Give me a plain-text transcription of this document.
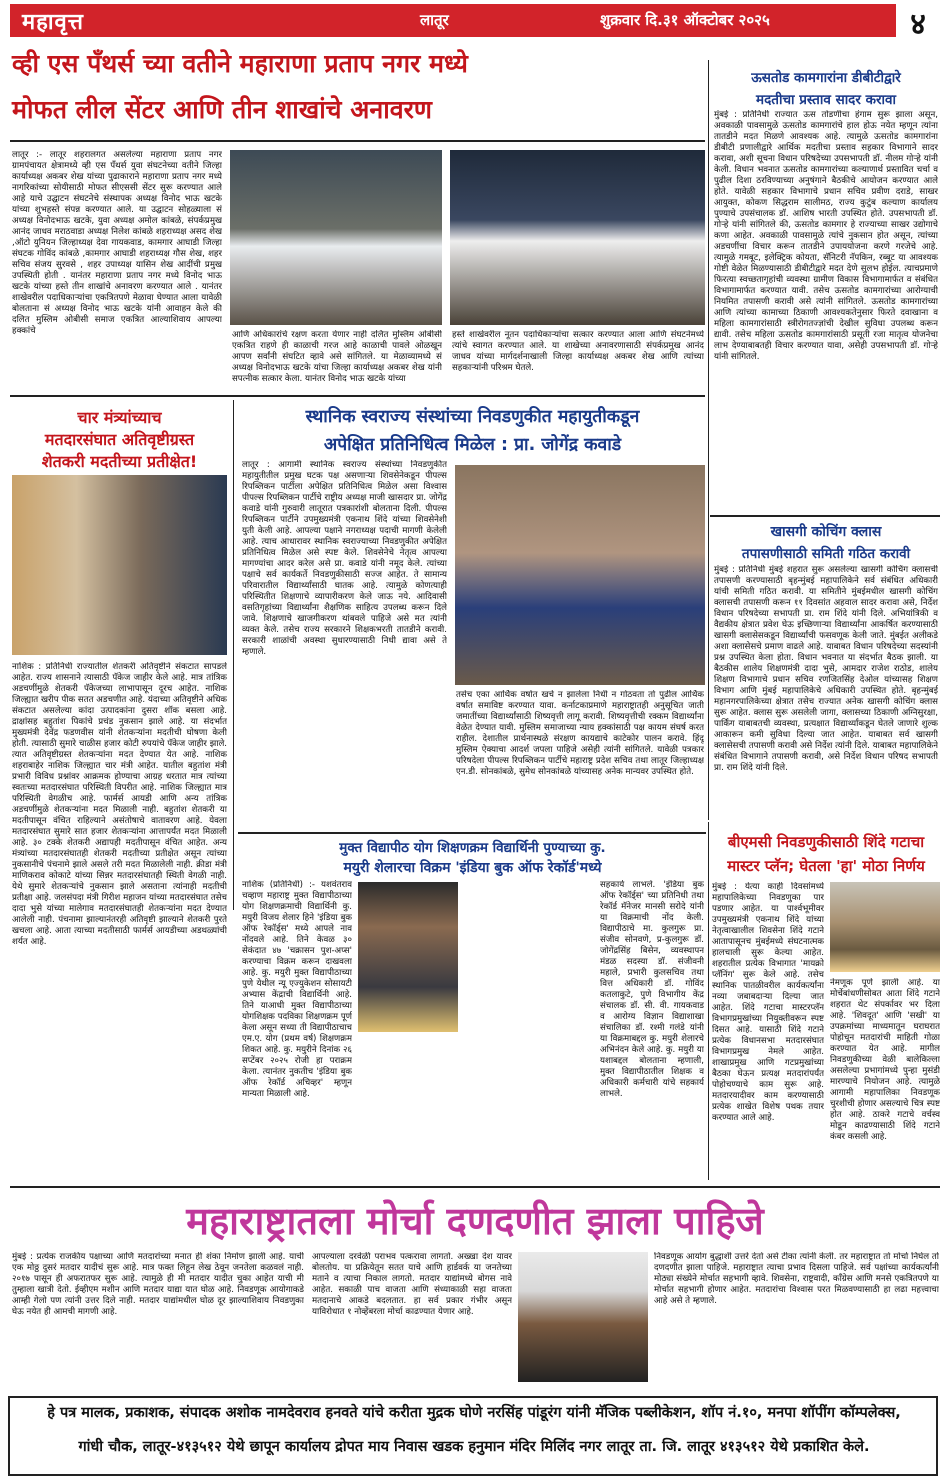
महावृत्त	लातूर	शुक्रवार दि.३१ ऑक्टोबर २०२५	४
व्ही एस पँथर्स च्या वतीने महाराणा प्रताप नगर मध्ये
मोफत लील सेंटर आणि तीन शाखांचे अनावरण
लातूर :- लातूर शहरालगत असलेल्या महाराणा प्रताप नगर ग्रामपंचायत क्षेत्रामध्ये व्ही एस पँथर्स युवा संघटनेच्या वतीने जिल्हा कार्याध्यक्ष अकबर शेख यांच्या पुढाकाराने महाराणा प्रताप नगर मध्ये नागरिकांच्या सोयीसाठी मोफत सीएससी सेंटर सुरू करण्यात आले आहे याचे उद्घाटन संघटनेचे संस्थापक अध्यक्ष विनोद भाऊ खटके यांच्या शुभहस्ते संपन्न करण्यात आले. या उद्घाटन सोहळ्याला सं अध्यक्ष विनोदभाऊ खटके, युवा अध्यक्ष अमोल कांबळे, संपर्कप्रमुख आनंद जाधव मराठवाडा अध्यक्ष निलेश कांबळे शहराध्यक्ष असद शेख ,ऑटो युनियन जिल्हाध्यक्ष देवा गायकवाड, कामगार आघाडी जिल्हा संघटक गोविंद कांबळे ,कामगार आघाडी शहराध्यक्ष गौस शेख, शहर सचिव संजय सुरवसे , शहर उपाध्यक्ष यासिन शेख आदींची प्रमुख उपस्थिती होती . यानंतर महाराणा प्रताप नगर मध्ये विनोद भाऊ खटके यांच्या हस्ते तीन शाखांचे अनावरण करण्यात आले . यानंतर शाखेवरील पदाधिकाऱ्यांचा एकत्रितपणे मेळावा घेण्यात आला यावेळी बोलताना सं अध्यक्ष विनोद भाऊ खटके यांनी आवाहन केले की दलित मुस्लिम ओबीसी समाज एकत्रित आल्याशिवाय आपल्या हक्कांचे	आणि अधिकारांचे रक्षण करता येणार नाही दलित मुस्लिम ओबीसी एकत्रित राहणे ही काळाची गरज आहे काळाची पावले ओळखून आपण सर्वांनी संघटित व्हावे असे सांगितले. या मेळाव्यामध्ये सं अध्यक्ष विनोदभाऊ खटके यांचा जिल्हा कार्याध्यक्ष अकबर शेख यांनी सपत्नीक सत्कार केला. यानंतर विनोद भाऊ खटके यांच्या
हस्ते शाखेवरील नूतन पदाधिकाऱ्यांचा सत्कार करण्यात आला आणि संघटनेमध्ये त्यांचे स्वागत करण्यात आले. या शाखेच्या अनावरणासाठी संपर्कप्रमुख आनंद जाधव यांच्या मार्गदर्शनाखाली जिल्हा कार्याध्यक्ष अकबर शेख आणि त्यांच्या सहकाऱ्यांनी परिश्रम घेतले.
ऊसतोड कामगारांना डीबीटीद्वारे
मदतीचा प्रस्ताव सादर करावा
मुंबई : प्रतिनिधी राज्यात ऊस तोडणीचा हंगाम सुरू झाला असून, अवकाळी पावसामुळे ऊसतोड कामगारांचे हाल होऊ नयेत म्हणून त्यांना तातडीने मदत मिळणे आवश्यक आहे. त्यामुळे ऊसतोड कामगारांना डीबीटी प्रणालीद्वारे आर्थिक मदतीचा प्रस्ताव सहकार विभागाने सादर करावा, अशी सूचना विधान परिषदेच्या उपसभापती डॉ. नीलम गोऱ्हे यांनी केली. विधान भवनात ऊसतोड कामगारांच्या कल्याणार्थ प्रस्तावित चर्चा व पुढील दिशा ठरविण्याच्या अनुषंगाने बैठकीचे आयोजन करण्यात आले होते. यावेळी सहकार विभागाचे प्रधान सचिव प्रवीण दराडे, साखर आयुक्त, कोकण सिद्धराम सालीमठ, राज्य कुटुंब कल्याण कार्यालय पुण्याचे उपसंचालक डॉ. आशिष भारती उपस्थित होते. उपसभापती डॉ. गोऱ्हे यांनी सांगितले की, ऊसतोड कामगार हे राज्याच्या साखर उद्योगाचे कणा आहेत. अवकाळी पावसामुळे त्यांचे नुकसान होत असून, त्यांच्या अडचणींचा विचार करून तातडीने उपाययोजना करणे गरजेचे आहे. त्यामुळे गमबूट, इलेक्ट्रिक कोयता, सॅनिटरी नॅपकिन, रब्बूट या आवश्यक गोष्टी वेळेत मिळण्यासाठी डीबीटीद्वारे मदत देणे सुलभ होईल. त्याचप्रमाणे फिरत्या स्वच्छतागृहांची व्यवस्था ग्रामीण विकास विभागामार्फत व संबंधित विभागामार्फत करण्यात यावी. तसेच ऊसतोड कामगारांच्या आरोग्याची नियमित तपासणी करावी असे त्यांनी सांगितले. ऊसतोड कामगारांच्या आणि त्यांच्या कामाच्या ठिकाणी आवश्यकतेनुसार फिरते दवाखाना व महिला कामगारांसाठी स्त्रीरोगतज्ज्ञांची देखील सुविधा उपलब्ध करून द्यावी. तसेच महिला ऊसतोड कामगारांसाठी प्रसूती रजा मातृत्व योजनेचा लाभ देण्याबाबतही विचार करण्यात यावा, असेही उपसभापती डॉ. गोऱ्हे यांनी सांगितले.
चार मंत्र्यांच्याच
मतदारसंघात अतिवृष्टीग्रस्त
शेतकरी मदतीच्या प्रतीक्षेत!
नाशिक : प्रतिनिधी राज्यातील शेतकरी अतिवृष्टीने संकटात सापडले आहेत. राज्य शासनाने त्यासाठी पॅकेज जाहीर केले आहे. मात्र तांत्रिक अडचणींमुळे शेतकरी पॅकेजच्या लाभापासून दूरच आहेत. नाशिक जिल्ह्यात खरीप पीक सतत अडचणीत आहे. यंदाच्या अतिवृष्टीने अधिक संकटात असलेल्या कांदा उत्पादकांना दुसरा शॉक बसला आहे. द्राक्षांसह बहुतांश पिकांचे प्रचंड नुकसान झाले आहे. या संदर्भात मुख्यमंत्री देवेंद्र फडणवीस यांनी शेतकऱ्यांना मदतीची घोषणा केली होती. त्यासाठी सुमारे चाळीस हजार कोटी रुपयांचे पॅकेज जाहीर झाले. त्यात अतिवृष्टीग्रस्त शेतकऱ्यांना मदत देण्यात येत आहे. नाशिक शहराबाहेर नाशिक जिल्ह्यात चार मंत्री आहेत. यातील बहुतांश मंत्री प्रभारी विविध प्रश्नांवर आक्रमक होण्याचा आग्रह धरतात मात्र त्यांच्या स्वतःच्या मतदारसंघात परिस्थिती विपरीत आहे. नाशिक जिल्ह्यात मात्र परिस्थिती वेगळीच आहे. फार्मर्स आयडी आणि अन्य तांत्रिक अडचणींमुळे शेतकऱ्यांना मदत मिळाली नाही. बहुतांश शेतकरी या मदतीपासून वंचित राहिल्याने असंतोषाचे वातावरण आहे. येवला मतदारसंघात सुमारे सात हजार शेतकऱ्यांना आत्तापर्यंत मदत मिळाली आहे. ३० टक्के शेतकरी अद्यापही मदतीपासून वंचित आहेत. अन्य मंत्र्यांच्या मतदारसंघातही शेतकरी मदतीच्या प्रतीक्षेत असून त्यांच्या नुकसानीचे पंचनामे झाले असले तरी मदत मिळालेली नाही. क्रीडा मंत्री माणिकराव कोकाटे यांच्या सिन्नर मतदारसंघातही स्थिती वेगळी नाही. येथे सुमारे शेतकऱ्यांचे नुकसान झाले असताना त्यांनाही मदतीची प्रतीक्षा आहे. जलसंपदा मंत्री गिरीश महाजन यांच्या मतदारसंघात तसेच दादा भुसे यांच्या मालेगाव मतदारसंघातही शेतकऱ्यांना मदत देण्यात आलेली नाही. पंचनामा झाल्यानंतरही अतिवृष्टी झाल्याने शेतकरी पुरते खचला आहे. आता त्याच्या मदतीसाठी फार्मर्स आयडीच्या अडथळ्यांची शर्यत आहे.
स्थानिक स्वराज्य संस्थांच्या निवडणुकीत महायुतीकडून
अपेक्षित प्रतिनिधित्व मिळेल : प्रा. जोगेंद्र कवाडे
लातूर : आगामी स्थानिक स्वराज्य संस्थांच्या निवडणुकीत महायुतीतील प्रमुख घटक पक्ष असणाऱ्या शिवसेनेकडून पीपल्स रिपब्लिकन पार्टीला अपेक्षित प्रतिनिधित्व मिळेल असा विश्वास पीपल्स रिपब्लिकन पार्टीचे राष्ट्रीय अध्यक्ष माजी खासदार प्रा. जोगेंद्र कवाडे यांनी गुरुवारी लातूरात पत्रकारांशी बोलताना दिली. पीपल्स रिपब्लिकन पार्टीने उपमुख्यमंत्री एकनाथ शिंदे यांच्या शिवसेनेशी युती केली आहे. आपल्या पक्षाने नगराध्यक्ष पदाची मागणी केलेली आहे. त्याच आधारावर स्थानिक स्वराज्याच्या निवडणुकीत अपेक्षित प्रतिनिधित्व मिळेल असे स्पष्ट केले. शिवसेनेचे नेतृत्व आपल्या मागण्यांचा आदर करेल असे प्रा. कवाडे यांनी नमूद केले. त्यांच्या पक्षाचे सर्व कार्यकर्ते निवडणुकीसाठी सज्ज आहेत. ते सामान्य परिवारातील विद्यार्थ्यांसाठी घातक आहे. त्यामुळे कोणत्याही परिस्थितीत शिक्षणाचे व्यापारीकरण केले जाऊ नये. आदिवासी वसतिगृहांच्या विद्यार्थ्यांना शैक्षणिक साहित्य उपलब्ध करून दिले जावे. शिक्षणाचे खाजगीकरण थांबवले पाहिजे असे मत त्यांनी व्यक्त केले. तसेच राज्य सरकारने शिक्षकभरती तातडीने करावी. सरकारी शाळांची अवस्था सुधारण्यासाठी निधी द्यावा असे ते म्हणाले.
तसेच एका आर्थिक वर्षात खर्च न झालेला निधी न गोठवता तो पुढील आर्थिक वर्षात समाविष्ट करण्यात यावा. कर्नाटकाप्रमाणे महाराष्ट्रातही अनुसूचित जाती जमातींच्या विद्यार्थ्यांसाठी शिष्यवृत्ती लागू करावी. शिष्यवृत्तीची रक्कम विद्यार्थ्यांना वेळेत देण्यात यावी. मुस्लिम समाजाच्या न्याय हक्कांसाठी पक्ष कायम संघर्ष करत राहील. देशातील प्रार्थनास्थळे संरक्षण कायद्याचे काटेकोर पालन करावे. हिंदू मुस्लिम ऐक्याचा आदर्श जपला पाहिजे असेही त्यांनी सांगितले. यावेळी पत्रकार परिषदेला पीपल्स रिपब्लिकन पार्टीचे महाराष्ट्र प्रदेश सचिव तथा लातूर जिल्हाध्यक्ष एन.डी. सोनकांबळे, सुमेध सोनकांबळे यांच्यासह अनेक मान्यवर उपस्थित होते.
खासगी कोचिंग क्लास
तपासणीसाठी समिती गठित करावी
मुंबई : प्रतिनिधी मुंबई शहरात सुरू असलेल्या खासगी कोचिंग क्लासची तपासणी करण्यासाठी बृहन्मुंबई महापालिकेने सर्व संबंधित अधिकारी यांची समिती गठित करावी. या समितीने मुंबईमधील खासगी कोचिंग क्लासची तपासणी करून ११ दिवसांत अहवाल सादर करावा असे, निर्देश विधान परिषदेच्या सभापती प्रा. राम शिंदे यांनी दिले. अभियांत्रिकी व वैद्यकीय क्षेत्रात प्रवेश घेऊ इच्छिणाऱ्या विद्यार्थ्यांना आकर्षित करण्यासाठी खासगी क्लासेसकडून विद्यार्थ्यांची फसवणूक केली जाते. मुंबईत अलीकडे अशा क्लासेसचे प्रमाण वाढले आहे. याबाबत विधान परिषदेच्या सदस्यांनी प्रश्न उपस्थित केला होता. विधान भवनात या संदर्भात बैठक झाली. या बैठकीस शालेय शिक्षणमंत्री दादा भुसे, आमदार राजेश राठोड, शालेय शिक्षण विभागाचे प्रधान सचिव रणजितसिंह देओल यांच्यासह शिक्षण विभाग आणि मुंबई महापालिकेचे अधिकारी उपस्थित होते. बृहन्मुंबई महानगरपालिकेच्या क्षेत्रात तसेच राज्यात अनेक खासगी कोचिंग क्लास सुरू आहेत. क्लास सुरू असलेली जागा, क्लासच्या ठिकाणी अग्निसुरक्षा, पार्किंग याबाबतची व्यवस्था, प्रत्यक्षात विद्यार्थ्यांकडून घेतले जाणारे शुल्क आकारून कमी सुविधा दिल्या जात आहेत. याबाबत सर्व खासगी क्लासेसची तपासणी करावी असे निर्देश त्यांनी दिले. याबाबत महापालिकेने संबंधित विभागाने तपासणी करावी, असे निर्देश विधान परिषद सभापती प्रा. राम शिंदे यांनी दिले.
मुक्त विद्यापीठ योग शिक्षणक्रम विद्यार्थिनी पुण्याच्या कु.
मयुरी शेलारचा विक्रम 'इंडिया बुक ऑफ रेकॉर्ड'मध्ये
नाशिक (प्रतिनिधी) :- यशवंतराव चव्हाण महाराष्ट्र मुक्त विद्यापीठाच्या योग शिक्षणक्रमाची विद्यार्थिनी कु. मयुरी विजय शेलार हिने 'इंडिया बुक ऑफ रेकॉर्ड्स' मध्ये आपले नाव नोंदवले आहे. तिने केवळ ३० सेकंदात ४७ 'चक्रासन पुश-अप्स' करण्याचा विक्रम करून दाखवला आहे. कु. मयुरी मुक्त विद्यापीठाच्या पुणे येथील न्यू एज्युकेशन सोसायटी अभ्यास केंद्राची विद्यार्थिनी आहे. तिने याआधी मुक्त विद्यापीठाच्या योगशिक्षक पदविका शिक्षणक्रम पूर्ण केला असून सध्या ती विद्यापीठाचाच एम.ए. योग (प्रथम वर्ष) शिक्षणक्रम शिकत आहे. कु. मयुरीने दिनांक २६ सप्टेंबर २०२५ रोजी हा पराक्रम केला. त्यानंतर नुकतीच 'इंडिया बुक ऑफ रेकॉर्ड अचिव्हर' म्हणून मान्यता मिळाली आहे.
सहकार्य लाभले. 'इंडिया बुक ऑफ रेकॉर्ड्स' च्या प्रतिनिधी तथा रेकॉर्ड मॅनेजर मानसी सरोदे यांनी या विक्रमाची नोंद केली. विद्यापीठाचे मा. कुलगुरू प्रा. संजीव सोनवणे, प्र-कुलगुरू डॉ. जोगेंद्रसिंह बिसेन, व्यवस्थापन मंडळ सदस्या डॉ. संजीवनी महाले, प्रभारी कुलसचिव तथा वित्त अधिकारी डॉ. गोविंद कतलाकुटे, पुणे विभागीय केंद्र संचालक डॉ. सी. वी. गायकवाड व आरोग्य विज्ञान विद्याशाखा संचालिका डॉ. रश्मी गलंडे यांनी या विक्रमाबद्दल कु. मयुरी शेलारचे अभिनंदन केले आहे. कु. मयुरी या यशाबद्दल बोलताना म्हणाली, मुक्त विद्यापीठातील शिक्षक व अधिकारी कर्मचारी यांचे सहकार्य लाभले.
बीएमसी निवडणुकीसाठी शिंदे गटाचा
मास्टर प्लॅन; घेतला 'हा' मोठा निर्णय
मुंबई : येत्या काही दिवसांमध्ये महापालिकेच्या निवडणुका पार पडणार आहेत. या पार्श्वभूमीवर उपमुख्यमंत्री एकनाथ शिंदे यांच्या नेतृत्वाखालील शिवसेना शिंदे गटाने आतापासूनच मुंबईमध्ये संघटनात्मक हालचाली सुरू केल्या आहेत. शहरातील प्रत्येक विभागात 'मायक्रो प्लॅनिंग' सुरू केले आहे. तसेच स्थानिक पातळीवरील कार्यकर्त्यांना नव्या जबाबदाऱ्या दिल्या जात आहेत. शिंदे गटाचा मास्टरप्लॅन विभागप्रमुखांच्या नियुक्तीवरून स्पष्ट दिसत आहे. यासाठी शिंदे गटाने प्रत्येक विधानसभा मतदारसंघात विभागप्रमुख नेमले आहेत. शाखाप्रमुख आणि गटप्रमुखांच्या बैठका घेऊन प्रत्यक्ष मतदारांपर्यंत पोहोचण्याचे काम सुरू आहे. मतदारयादीवर काम करण्यासाठी प्रत्येक शाखेत विशेष पथक तयार करण्यात आले आहे.
नेमणूक पूर्ण झाली आहे. या मोर्चेबांधणीसोबत आता शिंदे गटाने शहरात थेट संपर्कावर भर दिला आहे. 'शिवदूत' आणि 'सखी' या उपक्रमांच्या माध्यमातून घराघरात पोहोचून मतदारांची माहिती गोळा करण्यात येत आहे. मागील निवडणुकीच्या वेळी बालेकिल्ला असलेल्या प्रभागांमध्ये पुन्हा मुसंडी मारण्याचे नियोजन आहे. त्यामुळे आगामी महापालिका निवडणूक चुरशीची होणार असल्याचे चित्र स्पष्ट होत आहे. ठाकरे गटाचे वर्चस्व मोडून काढण्यासाठी शिंदे गटाने कंबर कसली आहे.
महाराष्ट्रातला मोर्चा दणदणीत झाला पाहिजे
मुंबई : प्रत्येक राजकीय पक्षाच्या आणि मतदारांच्या मनात ही शंका निर्माण झाली आहे. याची एक मोठ्ठ दुसरं मतदार यादीचं सुरू आहे. मात्र फक्त लिहून लेख ठेवून जनतेला कळवलं नाही. २०१७ पासून ही अफरातफर सुरू आहे. त्यामुळे ही मी मतदार यादीत चुका आहेत याची मी तुम्हाला खात्री देतो. ईव्हीएम मशीन आणि मतदार याद्या यात घोळ आहे. निवडणूक आयोगाकडे आम्ही गेलो पण त्यांनी उत्तर दिले नाही. मतदार याद्यांमधील घोळ दूर झाल्याशिवाय निवडणुका घेऊ नयेत ही आमची मागणी आहे.
आपल्याला दरवेळी पराभव पत्करावा लागतो. अख्खा देश यावर बोलतोय. या प्रक्रियेतून सतत याचे आणि हार्डवर्क या जनतेच्या मताने व त्याचा निकाल लागतो. मतदार याद्यांमध्ये बोगस नावे आहेत. सकाळी पाच वाजता आणि संध्याकाळी सहा वाजता मतदानाचे आकडे बदलतात. हा सर्व प्रकार गंभीर असून याविरोधात १ नोव्हेंबरला मोर्चा काढण्यात येणार आहे.
निवडणूक आयोग बुद्धाशी उत्तरे देतो असे टीका त्यांनी केली. तर महाराष्ट्रात तो मोर्चा निघेल तो दणदणीत झाला पाहिजे. महाराष्ट्रात त्याचा प्रभाव दिसला पाहिजे. सर्व पक्षांच्या कार्यकर्त्यांनी मोठ्या संख्येने मोर्चात सहभागी व्हावे. शिवसेना, राष्ट्रवादी, काँग्रेस आणि मनसे एकत्रितपणे या मोर्चात सहभागी होणार आहेत. मतदारांचा विश्वास परत मिळवण्यासाठी हा लढा महत्त्वाचा आहे असे ते म्हणाले.
हे पत्र मालक, प्रकाशक, संपादक अशोक नामदेवराव हनवते यांचे करीता मुद्रक घोणे नरसिंह पांडूरंग यांनी मॅजिक पब्लीकेशन, शॉप नं.१०, मनपा शॉपींग कॉम्पलेक्स,
गांधी चौक, लातूर-४१३५१२ येथे छापून कार्यालय द्रोपत माय निवास खडक हनुमान मंदिर मिलिंद नगर लातूर ता. जि. लातूर ४१३५१२ येथे प्रकाशित केले.
